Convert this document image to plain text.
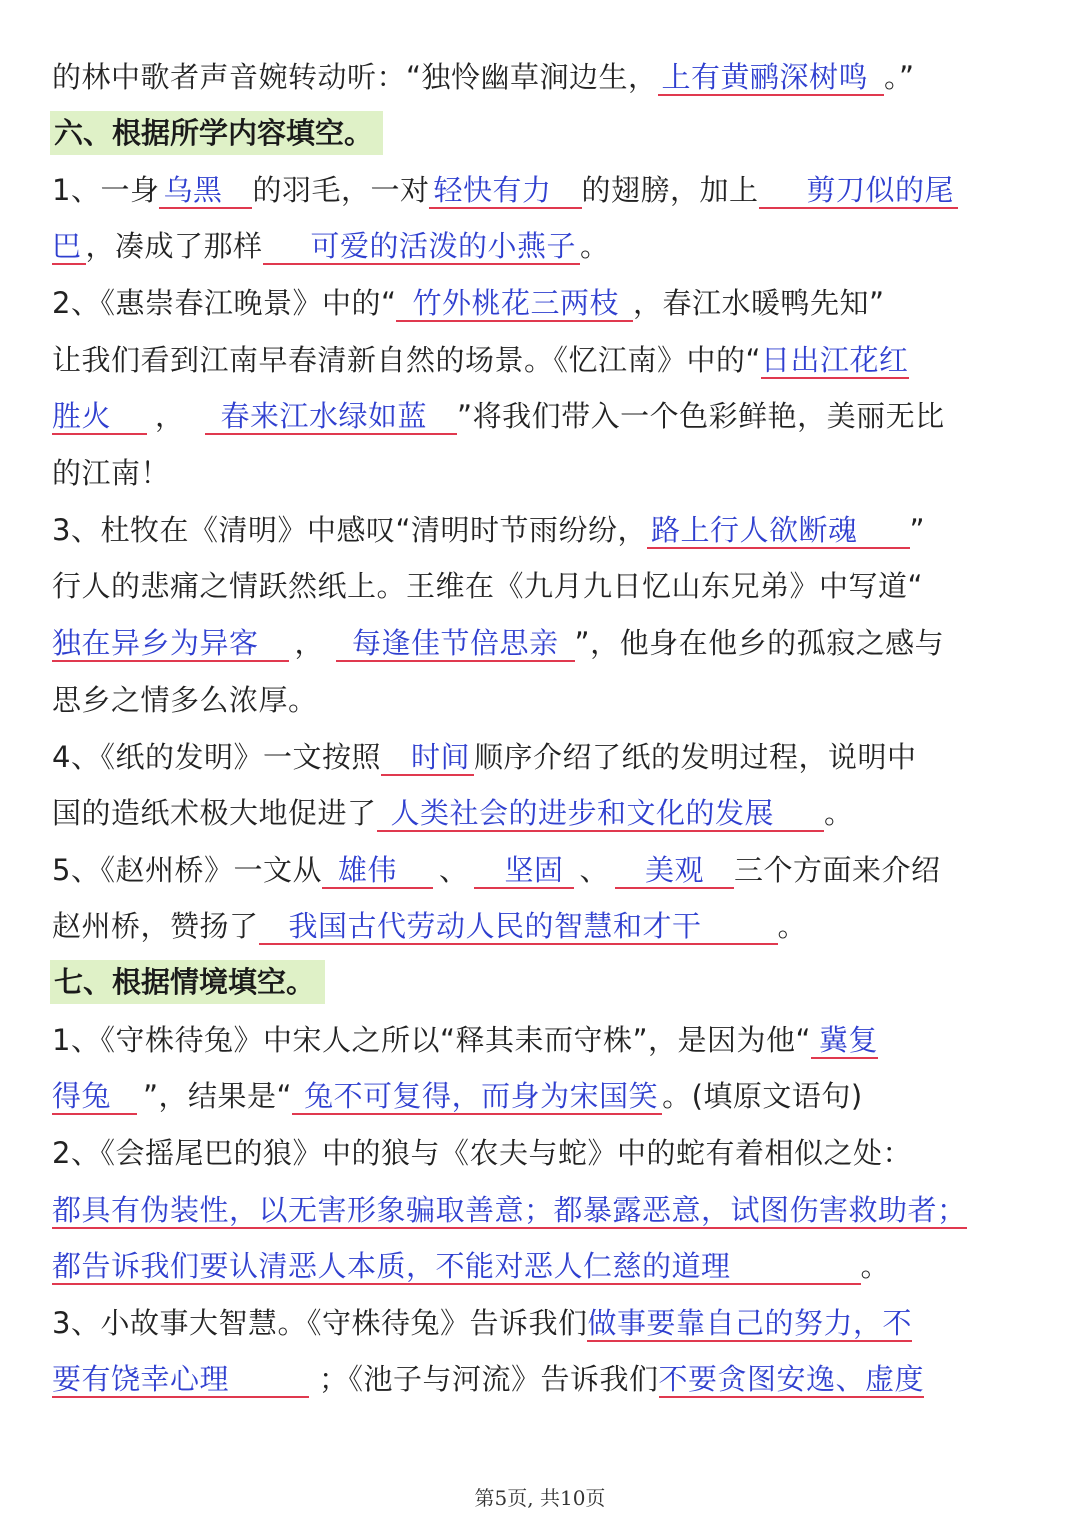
的林中歌者声音婉转动听：“独怜幽草涧边生， 上有黄鹂深树鸣 。”
六、根据所学内容填空。
1、一身 乌黑 的羽毛，一对 轻快有力 的翅膀，加上 剪刀似的尾
巴 ，凑成了那样 可爱的活泼的小燕子 。
2、《惠崇春江晚景》中的“ 竹外桃花三两枝 ，春江水暖鸭先知”
让我们看到江南早春清新自然的场景。《忆江南》中的“日出江花红
胜火 ， 春来江水绿如蓝 ”将我们带入一个色彩鲜艳，美丽无比
的江南！
3、杜牧在《清明》中感叹“清明时节雨纷纷， 路上行人欲断魂 ”
行人的悲痛之情跃然纸上。王维在《九月九日忆山东兄弟》中写道“
独在异乡为异客 ， 每逢佳节倍思亲 ”，他身在他乡的孤寂之感与
思乡之情多么浓厚。
4、《纸的发明》一文按照 时间 顺序介绍了纸的发明过程，说明中
国的造纸术极大地促进了 人类社会的进步和文化的发展 。
5、《赵州桥》一文从 雄伟 、 坚固 、 美观 三个方面来介绍
赵州桥，赞扬了 我国古代劳动人民的智慧和才干	。
七、根据情境填空。
1、《守株待兔》中宋人之所以“释其耒而守株”，是因为他“ 冀复
得兔 ”，结果是“ 兔不可复得，而身为宋国笑 。(填原文语句)
2、《会摇尾巴的狼》中的狼与《农夫与蛇》中的蛇有着相似之处：
都具有伪装性，以无害形象骗取善意；都暴露恶意，试图伤害救助者；
都告诉我们要认清恶人本质，不能对恶人仁慈的道理	。
3、小故事大智慧。《守株待兔》告诉我们做事要靠自己的努力，不
要有饶幸心理	；《池子与河流》告诉我们不要贪图安逸、虚度
第5页, 共10页
